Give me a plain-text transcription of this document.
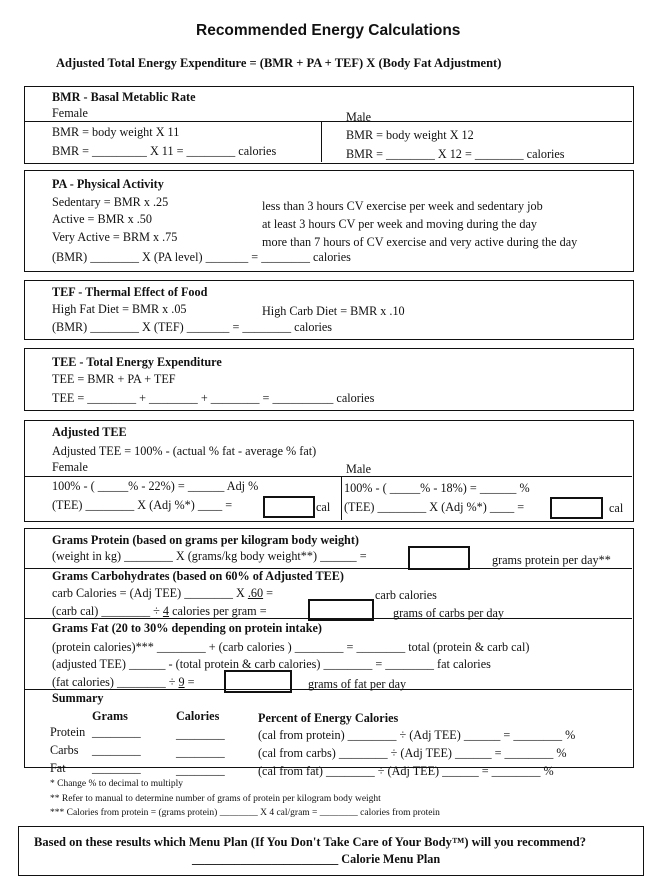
Recommended Energy Calculations
Adjusted Total Energy Expenditure = (BMR + PA + TEF) X (Body Fat Adjustment)
BMR - Basal Metablic Rate
Female
BMR = body weight X 11
BMR = _________ X 11 = ________ calories
Male
BMR = body weight X 12
BMR = ________ X 12 = ________ calories
PA - Physical Activity
Sedentary = BMR x .25
Active = BMR x .50
Very Active = BRM x .75
less than 3 hours CV exercise per week and sedentary job
at least 3 hours CV per week and moving during the day
more than 7 hours of CV exercise and very active during the day
(BMR) ________ X (PA level) _______ = ________ calories
TEF - Thermal Effect of Food
High Fat Diet = BMR x .05	High Carb Diet = BMR x .10
(BMR) ________ X (TEF) _______ = ________ calories
TEE - Total Energy Expenditure
TEE = BMR + PA + TEF
TEE = ________ + ________ + ________ = __________ calories
Adjusted TEE
Adjusted TEE = 100% - (actual % fat - average % fat)
Female
100% - ( _____% - 22%) = ______ Adj %
(TEE) ________ X (Adj %*) ____ =	cal
Male
100% - ( _____% - 18%) = ______ %
(TEE) ________ X (Adj %*) ____ =	cal
Grams Protein (based on grams per kilogram body weight)
(weight in kg) ________ X (grams/kg body weight**) ______ =	grams protein per day**
Grams Carbohydrates (based on 60% of Adjusted TEE)
carb Calories = (Adj TEE) ________ X .60 =	carb calories
(carb cal) ________ ÷ 4 calories per gram =	grams of carbs per day
Grams Fat (20 to 30% depending on protein intake)
(protein calories)*** ________ + (carb calories ) ________ = ________ total (protein & carb cal)
(adjusted TEE) ______ - (total protein & carb calories) ________ = ________ fat calories
(fat calories) ________ ÷ 9 =	grams of fat per day
Summary
Grams	Calories	Percent of Energy Calories
Protein ________	________	(cal from protein) ________ ÷ (Adj TEE) ______ = ________ %
Carbs ________	________	(cal from carbs) ________ ÷ (Adj TEE) ______ = ________ %
Fat ________	________	(cal from fat) ________ ÷ (Adj TEE) ______ = ________ %
* Change % to decimal to multiply
** Refer to manual to determine number of grams of protein per kilogram body weight
*** Calories from protein = (grams protein) ________ X 4 cal/gram = ________ calories from protein
Based on these results which Menu Plan (If You Don't Take Care of Your Body™) will you recommend?
________________________ Calorie Menu Plan
